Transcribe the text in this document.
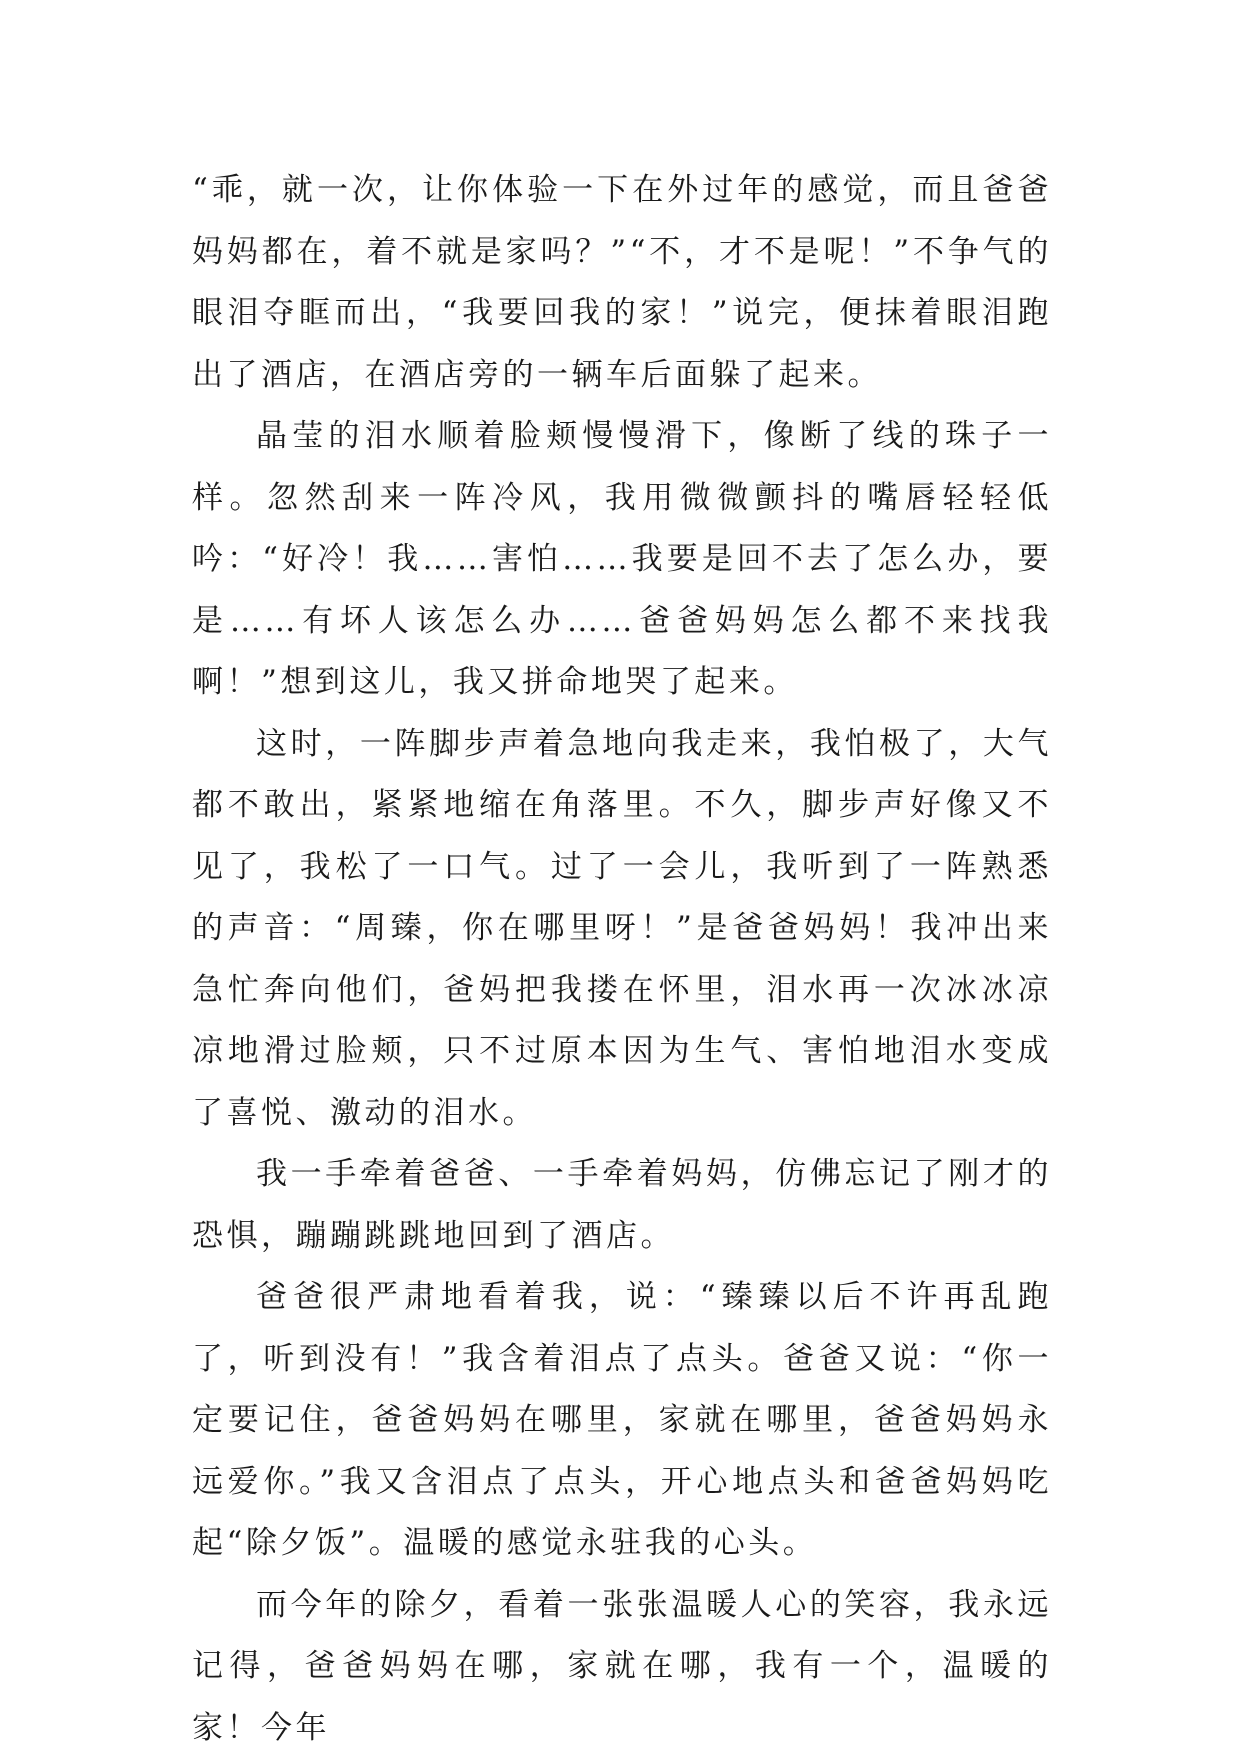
“乖，就一次，让你体验一下在外过年的感觉，而且爸爸妈妈都在，着不就是家吗？”“不，才不是呢！”不争气的眼泪夺眶而出，“我要回我的家！”说完，便抹着眼泪跑出了酒店，在酒店旁的一辆车后面躲了起来。

晶莹的泪水顺着脸颊慢慢滑下，像断了线的珠子一样。忽然刮来一阵冷风，我用微微颤抖的嘴唇轻轻低吟：“好冷！我……害怕……我要是回不去了怎么办，要是……有坏人该怎么办……爸爸妈妈怎么都不来找我啊！”想到这儿，我又拼命地哭了起来。

这时，一阵脚步声着急地向我走来，我怕极了，大气都不敢出，紧紧地缩在角落里。不久，脚步声好像又不见了，我松了一口气。过了一会儿，我听到了一阵熟悉的声音：“周臻，你在哪里呀！”是爸爸妈妈！我冲出来急忙奔向他们，爸妈把我搂在怀里，泪水再一次冰冰凉凉地滑过脸颊，只不过原本因为生气、害怕地泪水变成了喜悦、激动的泪水。

我一手牵着爸爸、一手牵着妈妈，仿佛忘记了刚才的恐惧，蹦蹦跳跳地回到了酒店。

爸爸很严肃地看着我，说：“臻臻以后不许再乱跑了，听到没有！”我含着泪点了点头。爸爸又说：“你一定要记住，爸爸妈妈在哪里，家就在哪里，爸爸妈妈永远爱你。”我又含泪点了点头，开心地点头和爸爸妈妈吃起“除夕饭”。温暖的感觉永驻我的心头。

而今年的除夕，看着一张张温暖人心的笑容，我永远记得，爸爸妈妈在哪，家就在哪，我有一个，温暖的家！今年
